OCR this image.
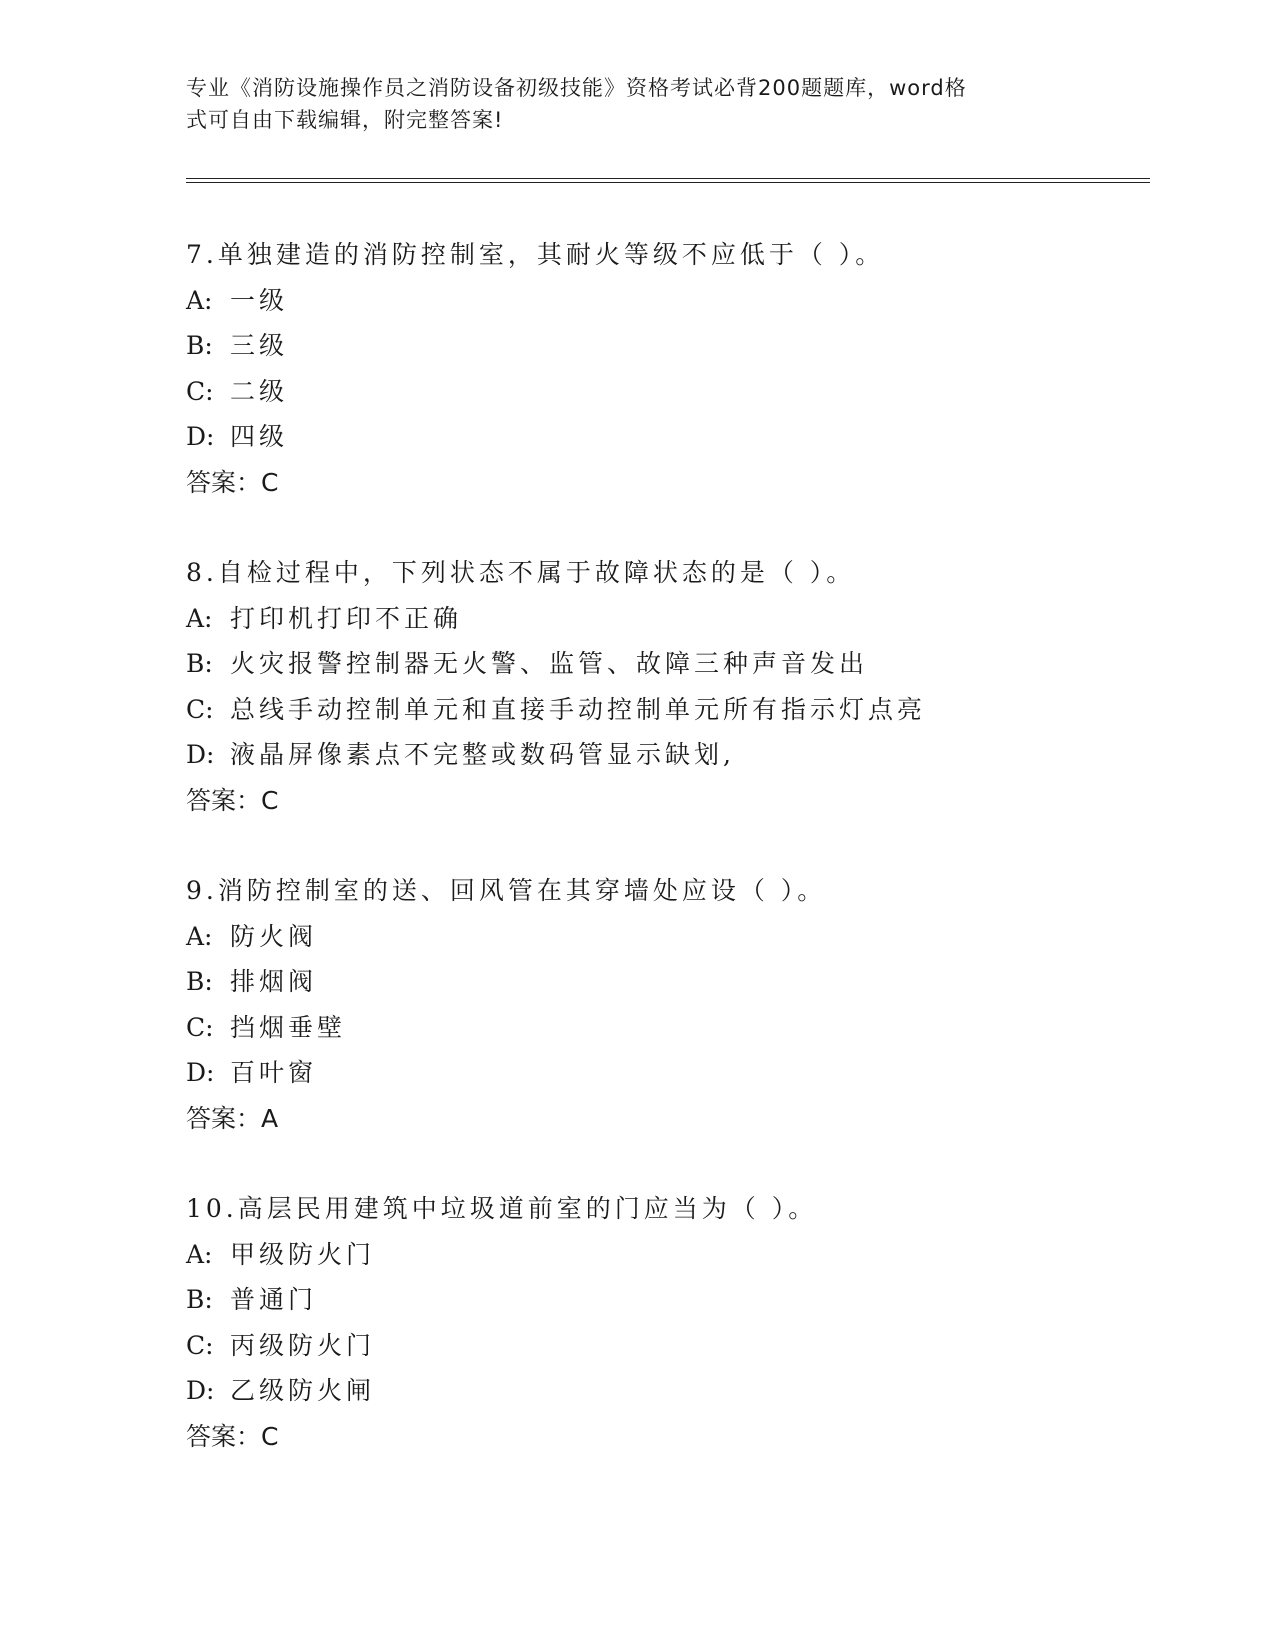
专业《消防设施操作员之消防设备初级技能》资格考试必背200题题库，word格
式可自由下载编辑，附完整答案!
7.单独建造的消防控制室，其耐火等级不应低于（ ）。
A: 一级
B: 三级
C: 二级
D: 四级
答案：C
8.自检过程中，下列状态不属于故障状态的是（ ）。
A: 打印机打印不正确
B: 火灾报警控制器无火警、监管、故障三种声音发出
C: 总线手动控制单元和直接手动控制单元所有指示灯点亮
D: 液晶屏像素点不完整或数码管显示缺划,
答案：C
9.消防控制室的送、回风管在其穿墙处应设（ ）。
A: 防火阀
B: 排烟阀
C: 挡烟垂壁
D: 百叶窗
答案：A
10.高层民用建筑中垃圾道前室的门应当为（ ）。
A: 甲级防火门
B: 普通门
C: 丙级防火门
D: 乙级防火闸
答案：C
